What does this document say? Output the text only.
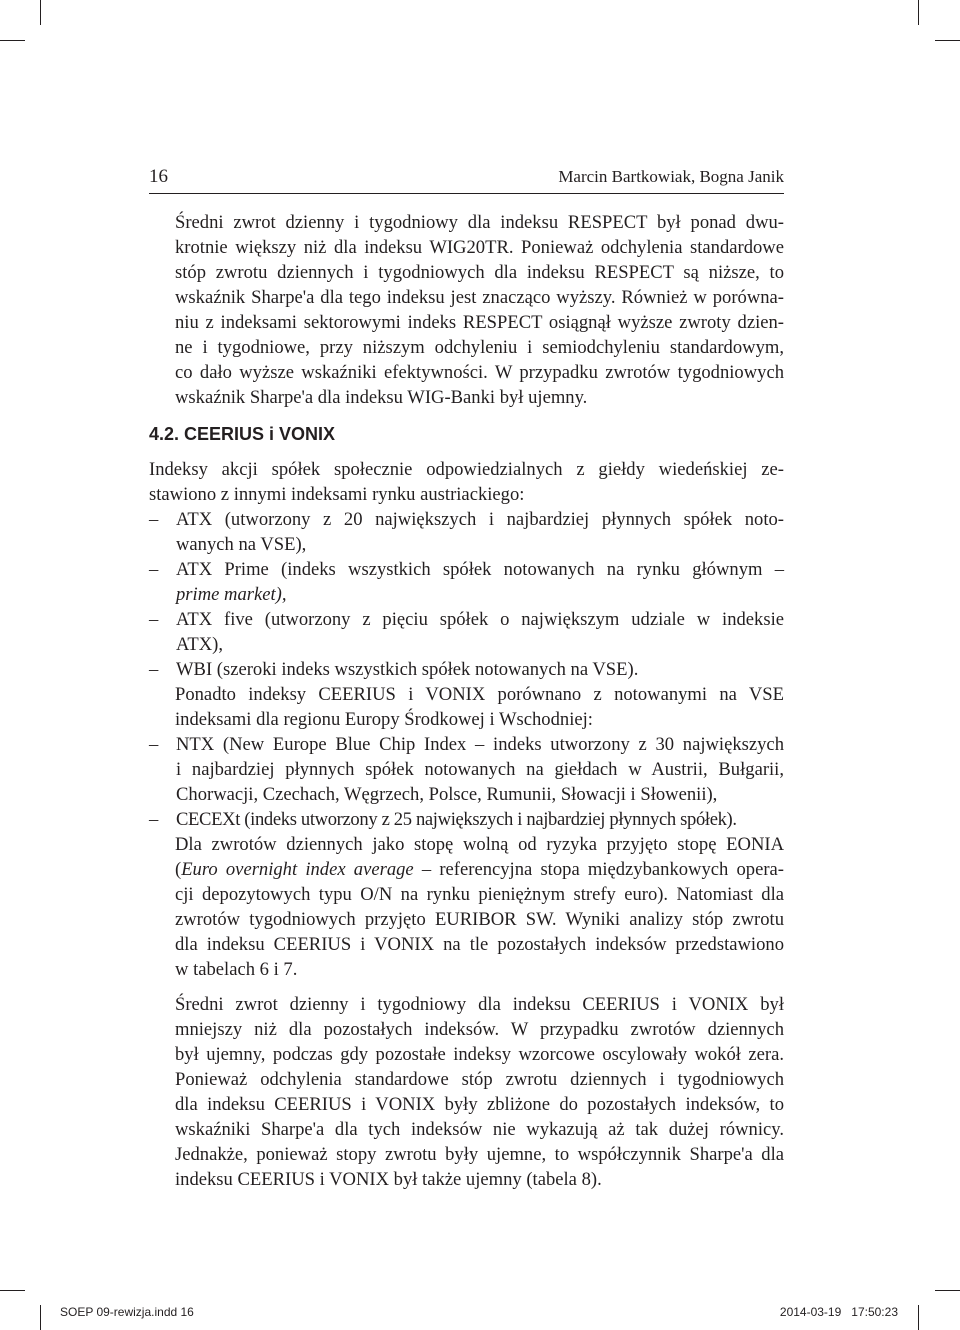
16	Marcin Bartkowiak, Bogna Janik

Średni zwrot dzienny i tygodniowy dla indeksu RESPECT był ponad dwu-
krotnie większy niż dla indeksu WIG20TR. Ponieważ odchylenia standardowe
stóp zwrotu dziennych i tygodniowych dla indeksu RESPECT są niższe, to
wskaźnik Sharpe'a dla tego indeksu jest znacząco wyższy. Również w porówna-
niu z indeksami sektorowymi indeks RESPECT osiągnął wyższe zwroty dzien-
ne i tygodniowe, przy niższym odchyleniu i semiodchyleniu standardowym,
co dało wyższe wskaźniki efektywności. W przypadku zwrotów tygodniowych
wskaźnik Sharpe'a dla indeksu WIG-Banki był ujemny.

4.2. CEERIUS i VONIX

Indeksy akcji spółek społecznie odpowiedzialnych z giełdy wiedeńskiej ze-
stawiono z innymi indeksami rynku austriackiego:

– ATX (utworzony z 20 największych i najbardziej płynnych spółek noto-
wanych na VSE),
– ATX Prime (indeks wszystkich spółek notowanych na rynku głównym –
prime market),
– ATX five (utworzony z pięciu spółek o największym udziale w indeksie
ATX),
– WBI (szeroki indeks wszystkich spółek notowanych na VSE).

Ponadto indeksy CEERIUS i VONIX porównano z notowanymi na VSE
indeksami dla regionu Europy Środkowej i Wschodniej:

– NTX (New Europe Blue Chip Index – indeks utworzony z 30 największych
i najbardziej płynnych spółek notowanych na giełdach w Austrii, Bułgarii,
Chorwacji, Czechach, Węgrzech, Polsce, Rumunii, Słowacji i Słowenii),
– CECEXt (indeks utworzony z 25 największych i najbardziej płynnych spółek).

Dla zwrotów dziennych jako stopę wolną od ryzyka przyjęto stopę EONIA
(Euro overnight index average – referencyjna stopa międzybankowych opera-
cji depozytowych typu O/N na rynku pieniężnym strefy euro). Natomiast dla
zwrotów tygodniowych przyjęto EURIBOR SW. Wyniki analizy stóp zwrotu
dla indeksu CEERIUS i VONIX na tle pozostałych indeksów przedstawiono
w tabelach 6 i 7.

Średni zwrot dzienny i tygodniowy dla indeksu CEERIUS i VONIX był
mniejszy niż dla pozostałych indeksów. W przypadku zwrotów dziennych
był ujemny, podczas gdy pozostałe indeksy wzorcowe oscylowały wokół zera.
Ponieważ odchylenia standardowe stóp zwrotu dziennych i tygodniowych
dla indeksu CEERIUS i VONIX były zbliżone do pozostałych indeksów, to
wskaźniki Sharpe'a dla tych indeksów nie wykazują aż tak dużej równicy.
Jednakże, ponieważ stopy zwrotu były ujemne, to współczynnik Sharpe'a dla
indeksu CEERIUS i VONIX był także ujemny (tabela 8).

SOEP 09-rewizja.indd 16	2014-03-19   17:50:23
